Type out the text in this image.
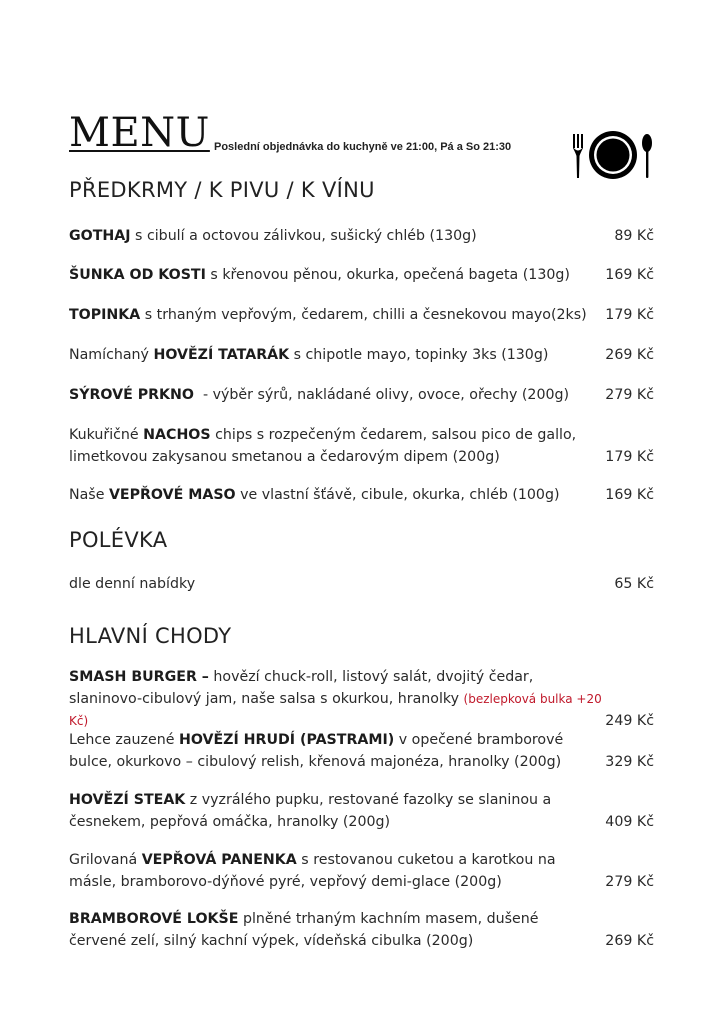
MENU Poslední objednávka do kuchyně ve 21:00, Pá a So 21:30
PŘEDKRMY / K PIVU / K VÍNU
GOTHAJ s cibulí a octovou zálivkou, sušický chléb (130g)	89 Kč
ŠUNKA OD KOSTI s křenovou pěnou, okurka, opečená bageta (130g)	169 Kč
TOPINKA s trhaným vepřovým, čedarem, chilli a česnekovou mayo(2ks)	179 Kč
Namíchaný HOVĚZÍ TATARÁK s chipotle mayo, topinky 3ks (130g)	269 Kč
SÝROVÉ PRKNO  - výběr sýrů, nakládané olivy, ovoce, ořechy (200g)	279 Kč
Kukuřičné NACHOS chips s rozpečeným čedarem, salsou pico de gallo, limetkovou zakysanou smetanou a čedarovým dipem (200g)	179 Kč
Naše VEPŘOVÉ MASO ve vlastní šťávě, cibule, okurka, chléb (100g)	169 Kč
POLÉVKA
dle denní nabídky	65 Kč
HLAVNÍ CHODY
SMASH BURGER – hovězí chuck-roll, listový salát, dvojitý čedar, slaninovo-cibulový jam, naše salsa s okurkou, hranolky (bezlepková bulka +20 Kč)	249 Kč
Lehce zauzené HOVĚZÍ HRUDÍ (PASTRAMI) v opečené bramborové bulce, okurkovo – cibulový relish, křenová majonéza, hranolky (200g)	329 Kč
HOVĚZÍ STEAK z vyzrálého pupku, restované fazolky se slaninou a česnekem, pepřová omáčka, hranolky (200g)	409 Kč
Grilovaná VEPŘOVÁ PANENKA s restovanou cuketou a karotkou na másle, bramborovo-dýňové pyré, vepřový demi-glace (200g)	279 Kč
BRAMBOROVÉ LOKŠE plněné trhaným kachním masem, dušené červené zelí, silný kachní výpek, vídeňská cibulka (200g)	269 Kč
